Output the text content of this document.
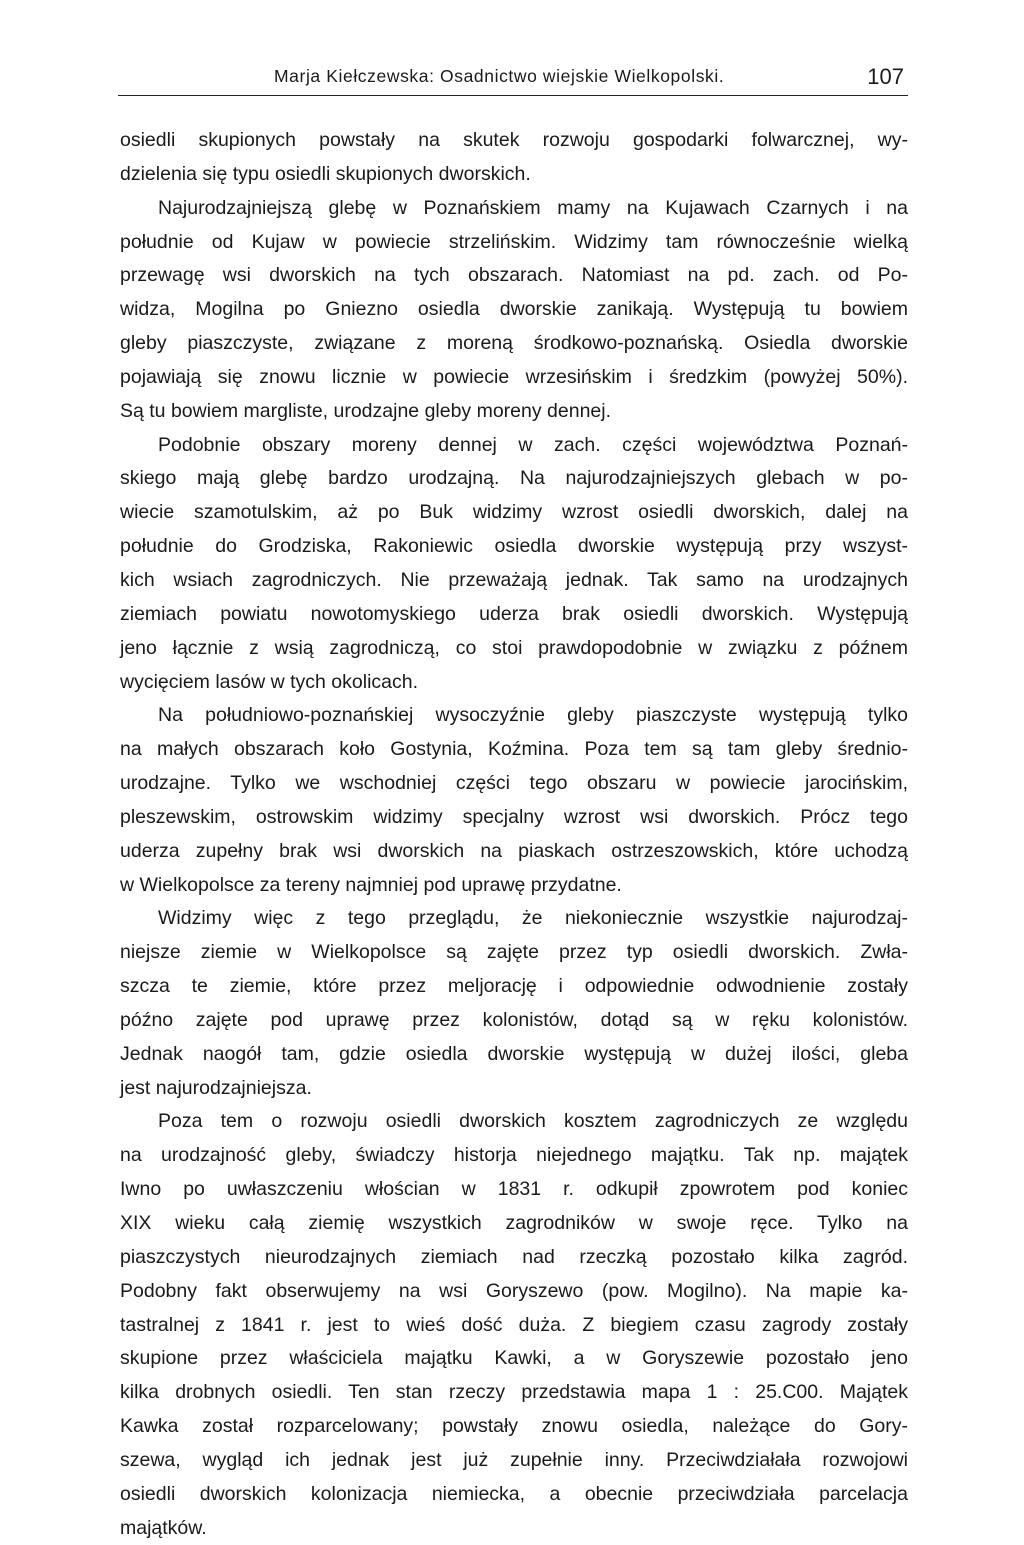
Marja Kiełczewska: Osadnictwo wiejskie Wielkopolski.	107
osiedli skupionych powstały na skutek rozwoju gospodarki folwarcznej, wy-
dzielenia się typu osiedli skupionych dworskich.
Najurodzajniejszą glebę w Poznańskiem mamy na Kujawach Czarnych i na
południe od Kujaw w powiecie strzelińskim. Widzimy tam równocześnie wielką
przewagę wsi dworskich na tych obszarach. Natomiast na pd. zach. od Po-
widza, Mogilna po Gniezno osiedla dworskie zanikają. Występują tu bowiem
gleby piaszczyste, związane z moreną środkowo-poznańską. Osiedla dworskie
pojawiają się znowu licznie w powiecie wrzesińskim i średzkim (powyżej 50%).
Są tu bowiem margliste, urodzajne gleby moreny dennej.
Podobnie obszary moreny dennej w zach. części województwa Poznań-
skiego mają glebę bardzo urodzajną. Na najurodzajniejszych glebach w po-
wiecie szamotulskim, aż po Buk widzimy wzrost osiedli dworskich, dalej na
południe do Grodziska, Rakoniewic osiedla dworskie występują przy wszyst-
kich wsiach zagrodniczych. Nie przeważają jednak. Tak samo na urodzajnych
ziemiach powiatu nowotomyskiego uderza brak osiedli dworskich. Występują
jeno łącznie z wsią zagrodniczą, co stoi prawdopodobnie w związku z późnem
wycięciem lasów w tych okolicach.
Na południowo-poznańskiej wysoczyźnie gleby piaszczyste występują tylko
na małych obszarach koło Gostynia, Koźmina. Poza tem są tam gleby średnio-
urodzajne. Tylko we wschodniej części tego obszaru w powiecie jarocińskim,
pleszewskim, ostrowskim widzimy specjalny wzrost wsi dworskich. Prócz tego
uderza zupełny brak wsi dworskich na piaskach ostrzeszowskich, które uchodzą
w Wielkopolsce za tereny najmniej pod uprawę przydatne.
Widzimy więc z tego przeglądu, że niekoniecznie wszystkie najurodzaj-
niejsze ziemie w Wielkopolsce są zajęte przez typ osiedli dworskich. Zwła-
szcza te ziemie, które przez meljorację i odpowiednie odwodnienie zostały
późno zajęte pod uprawę przez kolonistów, dotąd są w ręku kolonistów.
Jednak naogół tam, gdzie osiedla dworskie występują w dużej ilości, gleba
jest najurodzajniejsza.
Poza tem o rozwoju osiedli dworskich kosztem zagrodniczych ze względu
na urodzajność gleby, świadczy historja niejednego majątku. Tak np. majątek
Iwno po uwłaszczeniu włościan w 1831 r. odkupił zpowrotem pod koniec
XIX wieku całą ziemię wszystkich zagrodników w swoje ręce. Tylko na
piaszczystych nieurodzajnych ziemiach nad rzeczką pozostało kilka zagród.
Podobny fakt obserwujemy na wsi Goryszewo (pow. Mogilno). Na mapie ka-
tastralnej z 1841 r. jest to wieś dość duża. Z biegiem czasu zagrody zostały
skupione przez właściciela majątku Kawki, a w Goryszewie pozostało jeno
kilka drobnych osiedli. Ten stan rzeczy przedstawia mapa 1 : 25.C00. Majątek
Kawka został rozparcelowany; powstały znowu osiedla, należące do Gory-
szewa, wygląd ich jednak jest już zupełnie inny. Przeciwdziałała rozwojowi
osiedli dworskich kolonizacja niemiecka, a obecnie przeciwdziała parcelacja
majątków.
